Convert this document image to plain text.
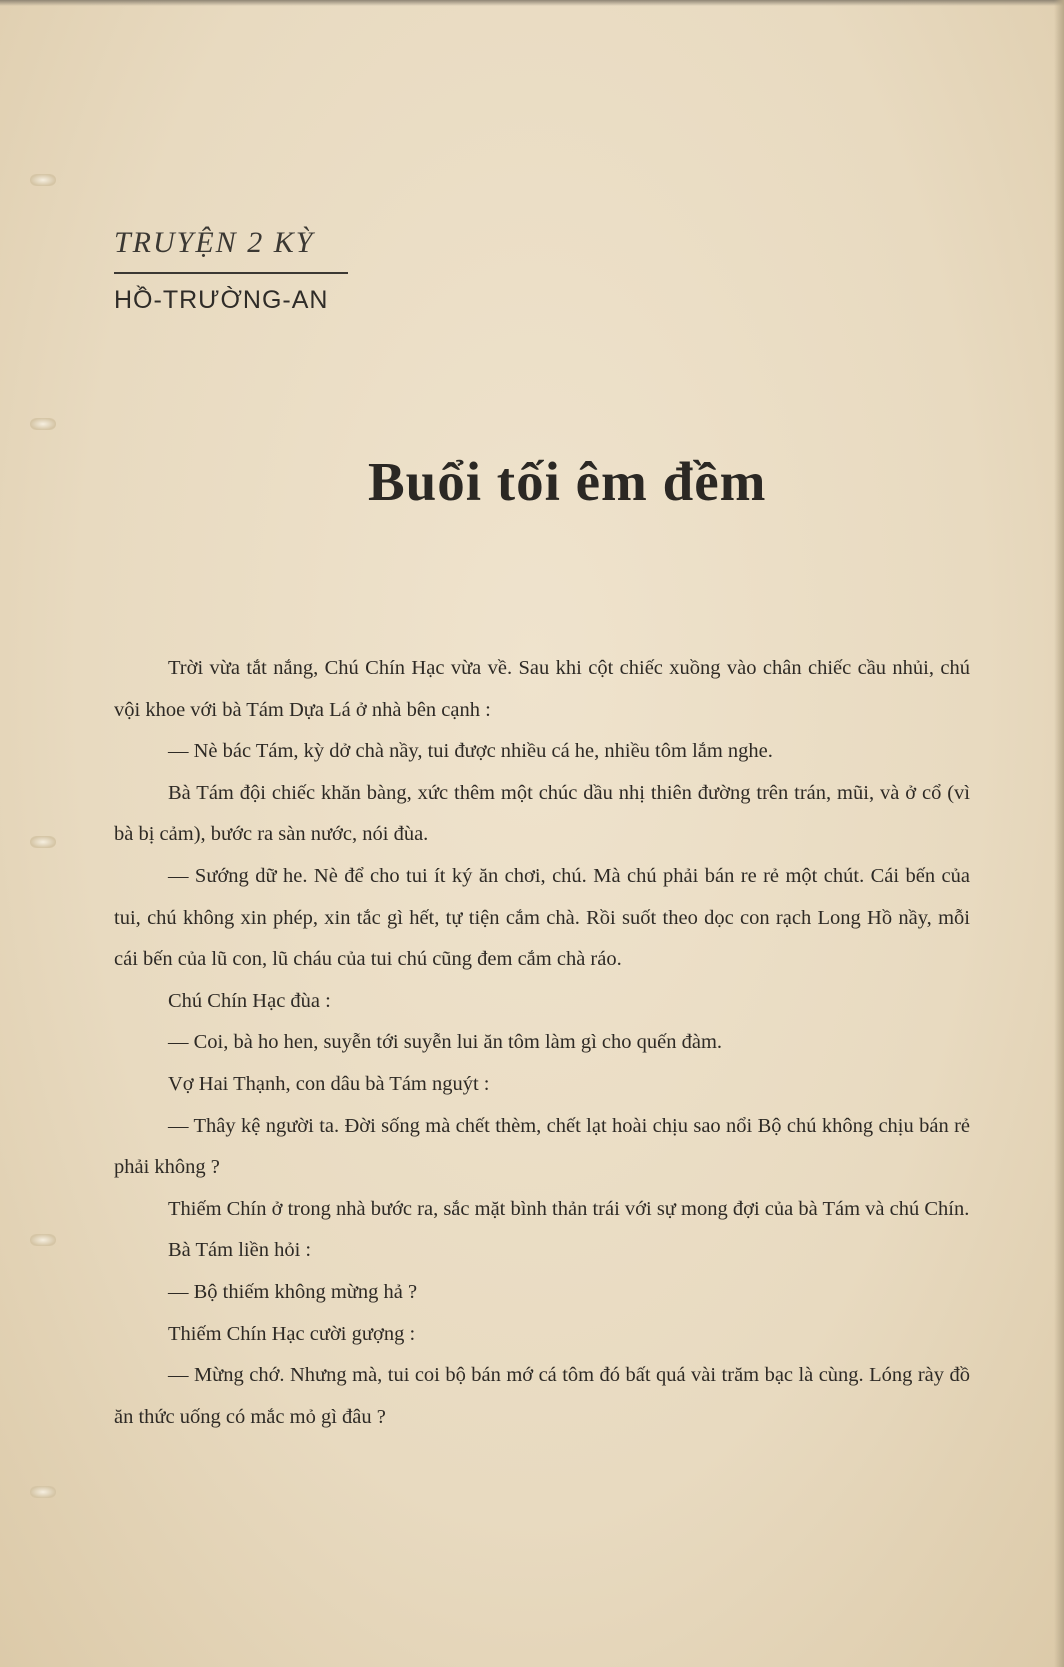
TRUYỆN 2 KỲ
HỒ-TRƯỜNG-AN
Buổi tối êm đềm

Trời vừa tắt nắng, Chú Chín Hạc vừa về. Sau khi cột chiếc xuồng vào chân chiếc cầu nhủi, chú vội khoe với bà Tám Dựa Lá ở nhà bên cạnh :

— Nè bác Tám, kỳ dở chà nầy, tui được nhiều cá he, nhiều tôm lắm nghe.

Bà Tám đội chiếc khăn bàng, xức thêm một chúc dầu nhị thiên đường trên trán, mũi, và ở cổ (vì bà bị cảm), bước ra sàn nước, nói đùa.

— Sướng dữ he. Nè để cho tui ít ký ăn chơi, chú. Mà chú phải bán re rẻ một chút. Cái bến của tui, chú không xin phép, xin tắc gì hết, tự tiện cắm chà. Rồi suốt theo dọc con rạch Long Hồ nầy, mỗi cái bến của lũ con, lũ cháu của tui chú cũng đem cắm chà ráo.

Chú Chín Hạc đùa :

— Coi, bà ho hen, suyễn tới suyễn lui ăn tôm làm gì cho quến đàm.

Vợ Hai Thạnh, con dâu bà Tám nguýt :

— Thây kệ người ta. Đời sống mà chết thèm, chết lạt hoài chịu sao nổi Bộ chú không chịu bán rẻ phải không ?

Thiếm Chín ở trong nhà bước ra, sắc mặt bình thản trái với sự mong đợi của bà Tám và chú Chín.

Bà Tám liền hỏi :

— Bộ thiếm không mừng hả ?

Thiếm Chín Hạc cười gượng :

— Mừng chớ. Nhưng mà, tui coi bộ bán mớ cá tôm đó bất quá vài trăm bạc là cùng. Lóng rày đồ ăn thức uống có mắc mỏ gì đâu ?
